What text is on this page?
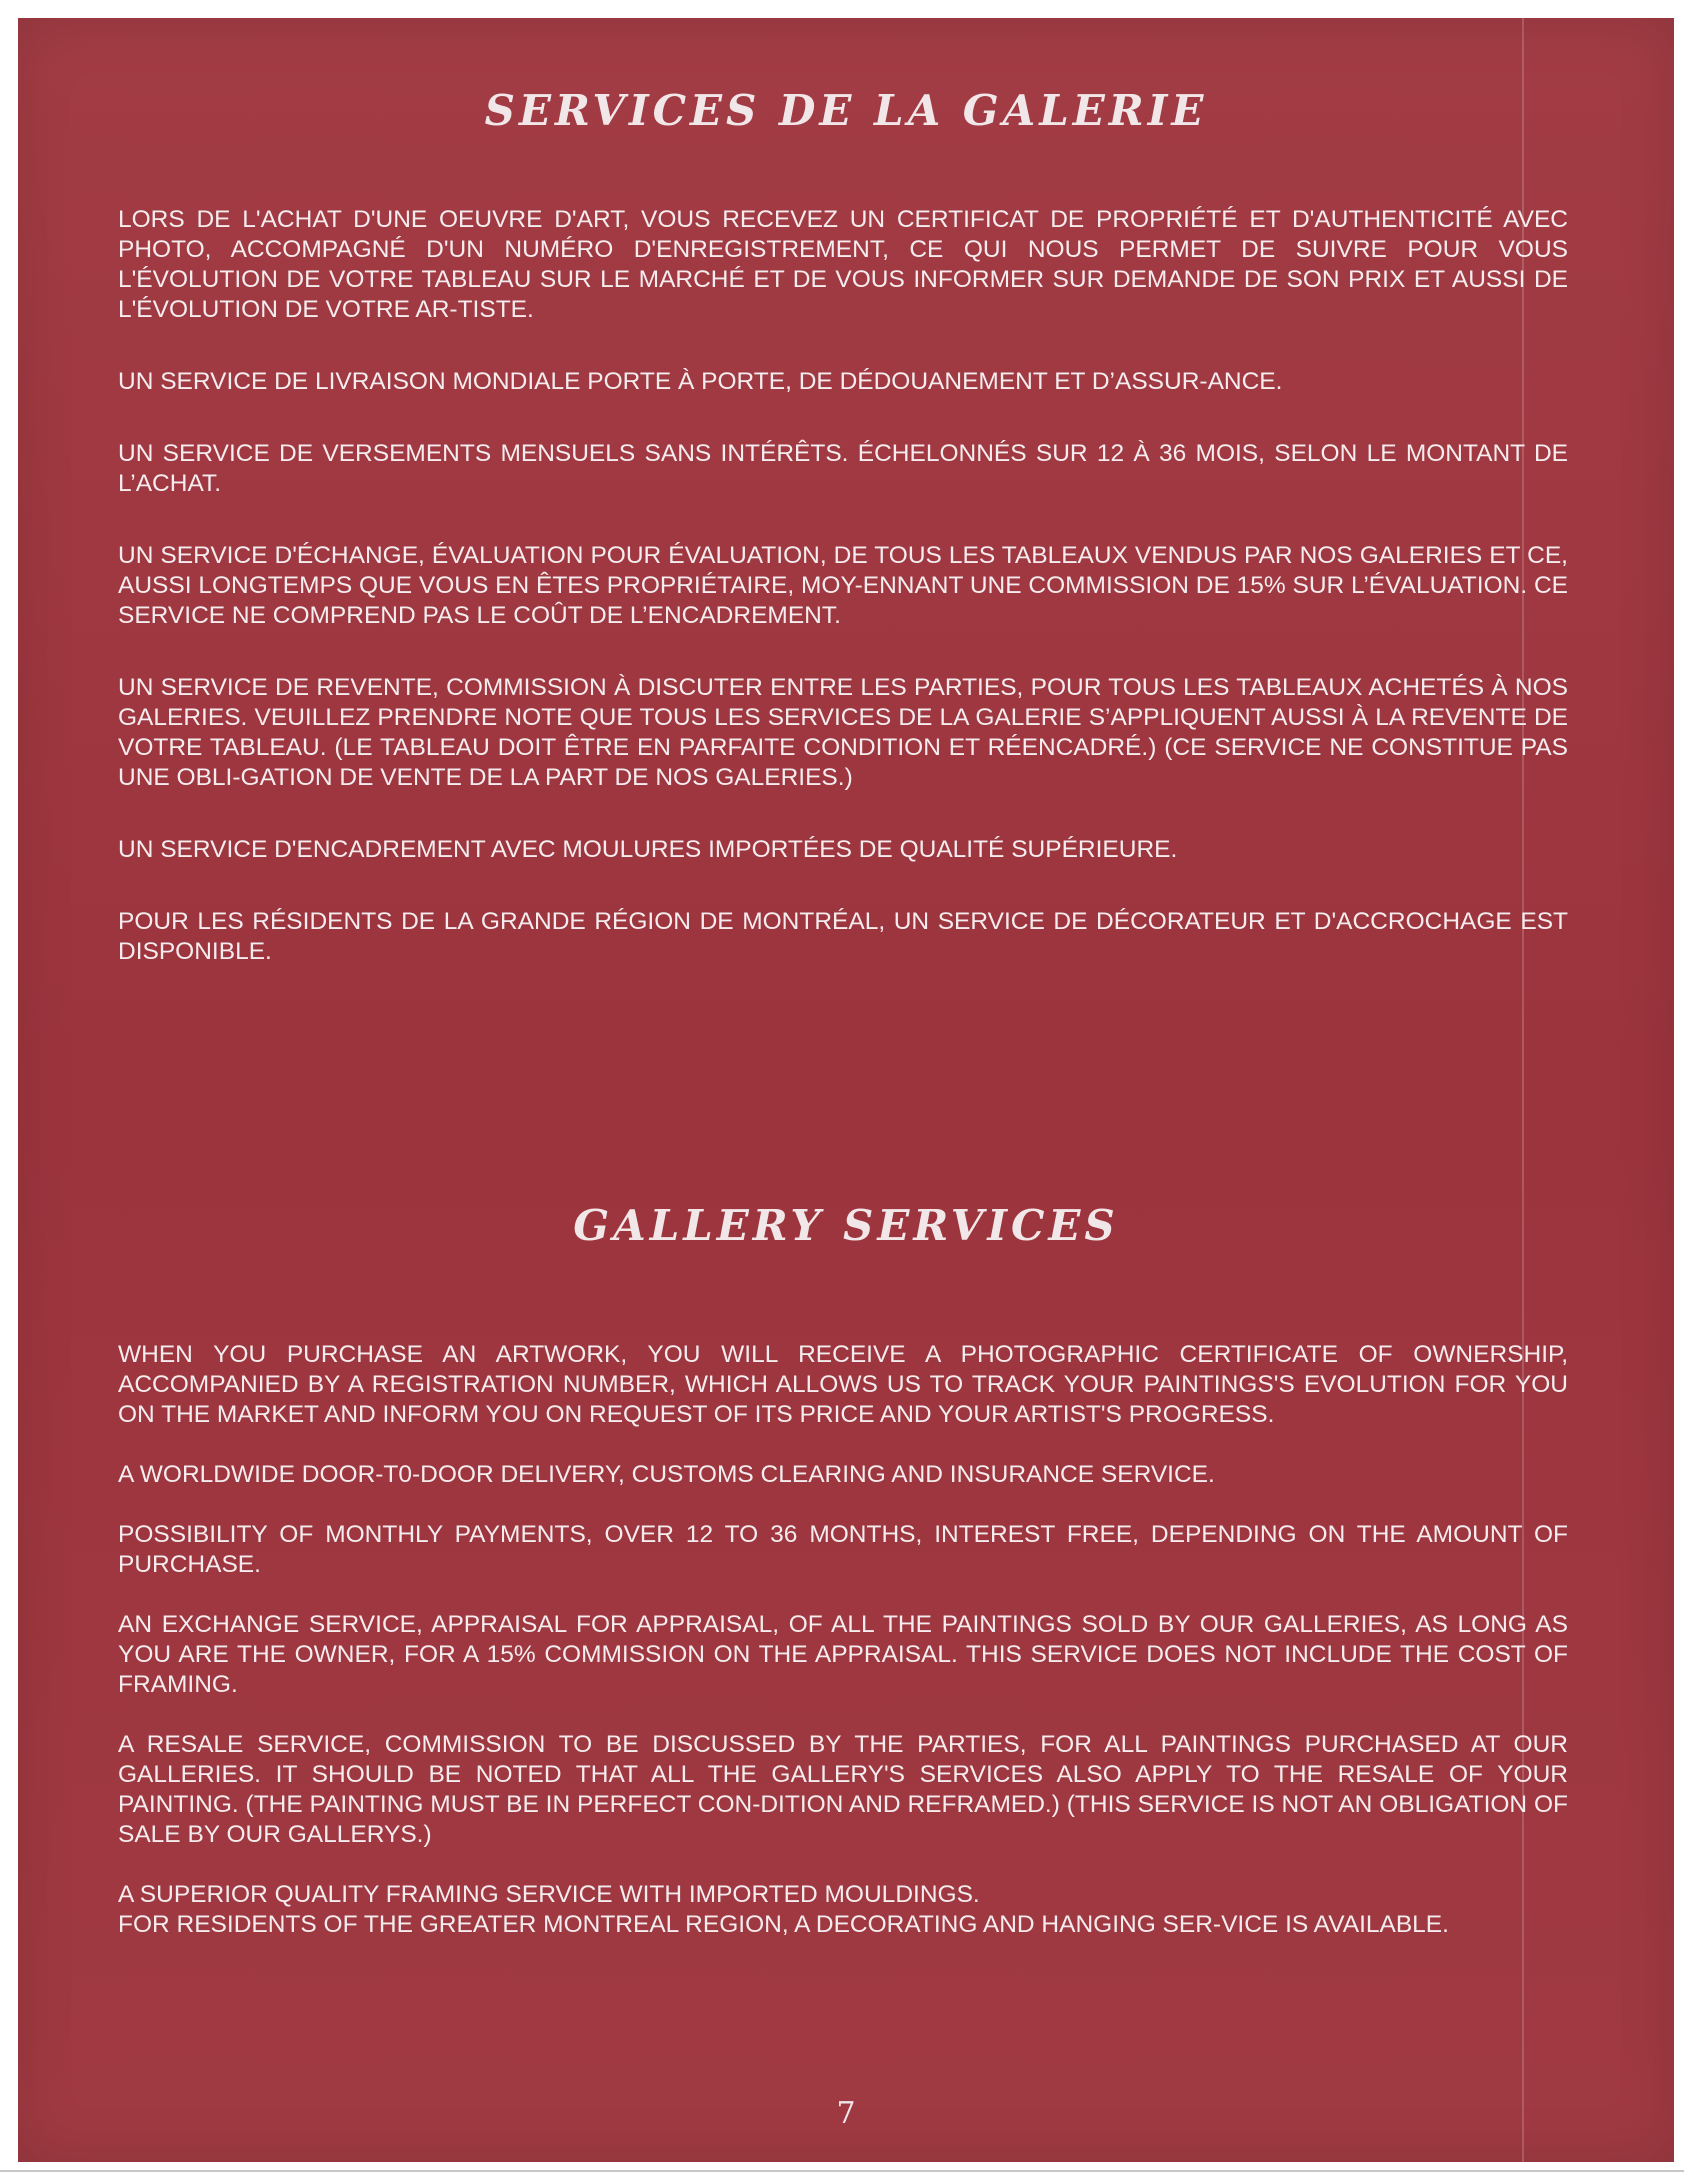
SERVICES DE LA GALERIE

LORS DE L'ACHAT D'UNE OEUVRE D'ART, VOUS RECEVEZ UN CERTIFICAT DE PROPRIÉTÉ ET D'AUTHENTICITÉ AVEC PHOTO, ACCOMPAGNÉ D'UN NUMÉRO D'ENREGISTREMENT, CE QUI NOUS PERMET DE SUIVRE POUR VOUS L'ÉVOLUTION DE VOTRE TABLEAU SUR LE MARCHÉ ET DE VOUS INFORMER SUR DEMANDE DE SON PRIX ET AUSSI DE L'ÉVOLUTION DE VOTRE AR-TISTE.

UN SERVICE DE LIVRAISON MONDIALE PORTE À PORTE, DE DÉDOUANEMENT ET D’ASSUR-ANCE.

UN SERVICE DE VERSEMENTS MENSUELS SANS INTÉRÊTS. ÉCHELONNÉS SUR 12 À 36 MOIS, SELON LE MONTANT DE L’ACHAT.

UN SERVICE D'ÉCHANGE, ÉVALUATION POUR ÉVALUATION, DE TOUS LES TABLEAUX VENDUS PAR NOS GALERIES ET CE, AUSSI LONGTEMPS QUE VOUS EN ÊTES PROPRIÉTAIRE, MOY-ENNANT UNE COMMISSION DE 15% SUR L’ÉVALUATION. CE SERVICE NE COMPREND PAS LE COÛT DE L’ENCADREMENT.

UN SERVICE DE REVENTE, COMMISSION À DISCUTER ENTRE LES PARTIES, POUR TOUS LES TABLEAUX ACHETÉS À NOS GALERIES. VEUILLEZ PRENDRE NOTE QUE TOUS LES SERVICES DE LA GALERIE S’APPLIQUENT AUSSI À LA REVENTE DE VOTRE TABLEAU. (LE TABLEAU DOIT ÊTRE EN PARFAITE CONDITION ET RÉENCADRÉ.) (CE SERVICE NE CONSTITUE PAS UNE OBLI-GATION DE VENTE DE LA PART DE NOS GALERIES.)

UN SERVICE D'ENCADREMENT AVEC MOULURES IMPORTÉES DE QUALITÉ SUPÉRIEURE.

POUR LES RÉSIDENTS DE LA GRANDE RÉGION DE MONTRÉAL, UN SERVICE DE DÉCORATEUR ET D'ACCROCHAGE EST DISPONIBLE.

GALLERY SERVICES

WHEN YOU PURCHASE AN ARTWORK, YOU WILL RECEIVE A PHOTOGRAPHIC CERTIFICATE OF OWNERSHIP, ACCOMPANIED BY A REGISTRATION NUMBER, WHICH ALLOWS US TO TRACK YOUR PAINTINGS'S EVOLUTION FOR YOU ON THE MARKET AND INFORM YOU ON REQUEST OF ITS PRICE AND YOUR ARTIST'S PROGRESS.

A WORLDWIDE DOOR-T0-DOOR DELIVERY, CUSTOMS CLEARING AND INSURANCE SERVICE.

POSSIBILITY OF MONTHLY PAYMENTS, OVER 12 TO 36 MONTHS, INTEREST FREE, DEPENDING ON THE AMOUNT OF PURCHASE.

AN EXCHANGE SERVICE, APPRAISAL FOR APPRAISAL, OF ALL THE PAINTINGS SOLD BY OUR GALLERIES, AS LONG AS YOU ARE THE OWNER, FOR A 15% COMMISSION ON THE APPRAISAL. THIS SERVICE DOES NOT INCLUDE THE COST OF FRAMING.

A RESALE SERVICE, COMMISSION TO BE DISCUSSED BY THE PARTIES, FOR ALL PAINTINGS PURCHASED AT OUR GALLERIES. IT SHOULD BE NOTED THAT ALL THE GALLERY'S SERVICES ALSO APPLY TO THE RESALE OF YOUR PAINTING. (THE PAINTING MUST BE IN PERFECT CON-DITION AND REFRAMED.) (THIS SERVICE IS NOT AN OBLIGATION OF SALE BY OUR GALLERYS.)

A SUPERIOR QUALITY FRAMING SERVICE WITH IMPORTED MOULDINGS.

FOR RESIDENTS OF THE GREATER MONTREAL REGION, A DECORATING AND HANGING SER-VICE IS AVAILABLE.

7
